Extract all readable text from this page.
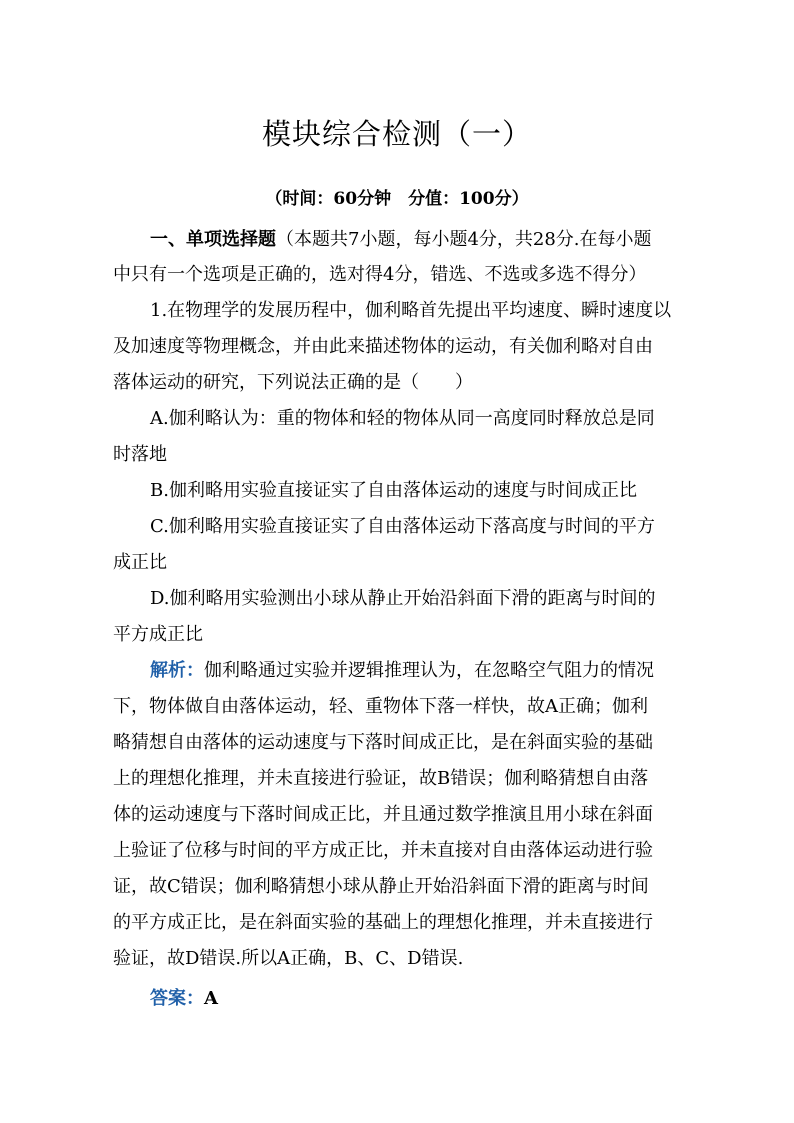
模块综合检测（一）
（时间：60分钟　分值：100分）
一、单项选择题（本题共7小题，每小题4分，共28分.在每小题
中只有一个选项是正确的，选对得4分，错选、不选或多选不得分）
1.在物理学的发展历程中，伽利略首先提出平均速度、瞬时速度以
及加速度等物理概念，并由此来描述物体的运动，有关伽利略对自由
落体运动的研究，下列说法正确的是（　　）
A.伽利略认为：重的物体和轻的物体从同一高度同时释放总是同
时落地
B.伽利略用实验直接证实了自由落体运动的速度与时间成正比
C.伽利略用实验直接证实了自由落体运动下落高度与时间的平方
成正比
D.伽利略用实验测出小球从静止开始沿斜面下滑的距离与时间的
平方成正比
解析：伽利略通过实验并逻辑推理认为，在忽略空气阻力的情况
下，物体做自由落体运动，轻、重物体下落一样快，故A正确；伽利
略猜想自由落体的运动速度与下落时间成正比，是在斜面实验的基础
上的理想化推理，并未直接进行验证，故B错误；伽利略猜想自由落
体的运动速度与下落时间成正比，并且通过数学推演且用小球在斜面
上验证了位移与时间的平方成正比，并未直接对自由落体运动进行验
证，故C错误；伽利略猜想小球从静止开始沿斜面下滑的距离与时间
的平方成正比，是在斜面实验的基础上的理想化推理，并未直接进行
验证，故D错误.所以A正确，B、C、D错误.
答案：A
